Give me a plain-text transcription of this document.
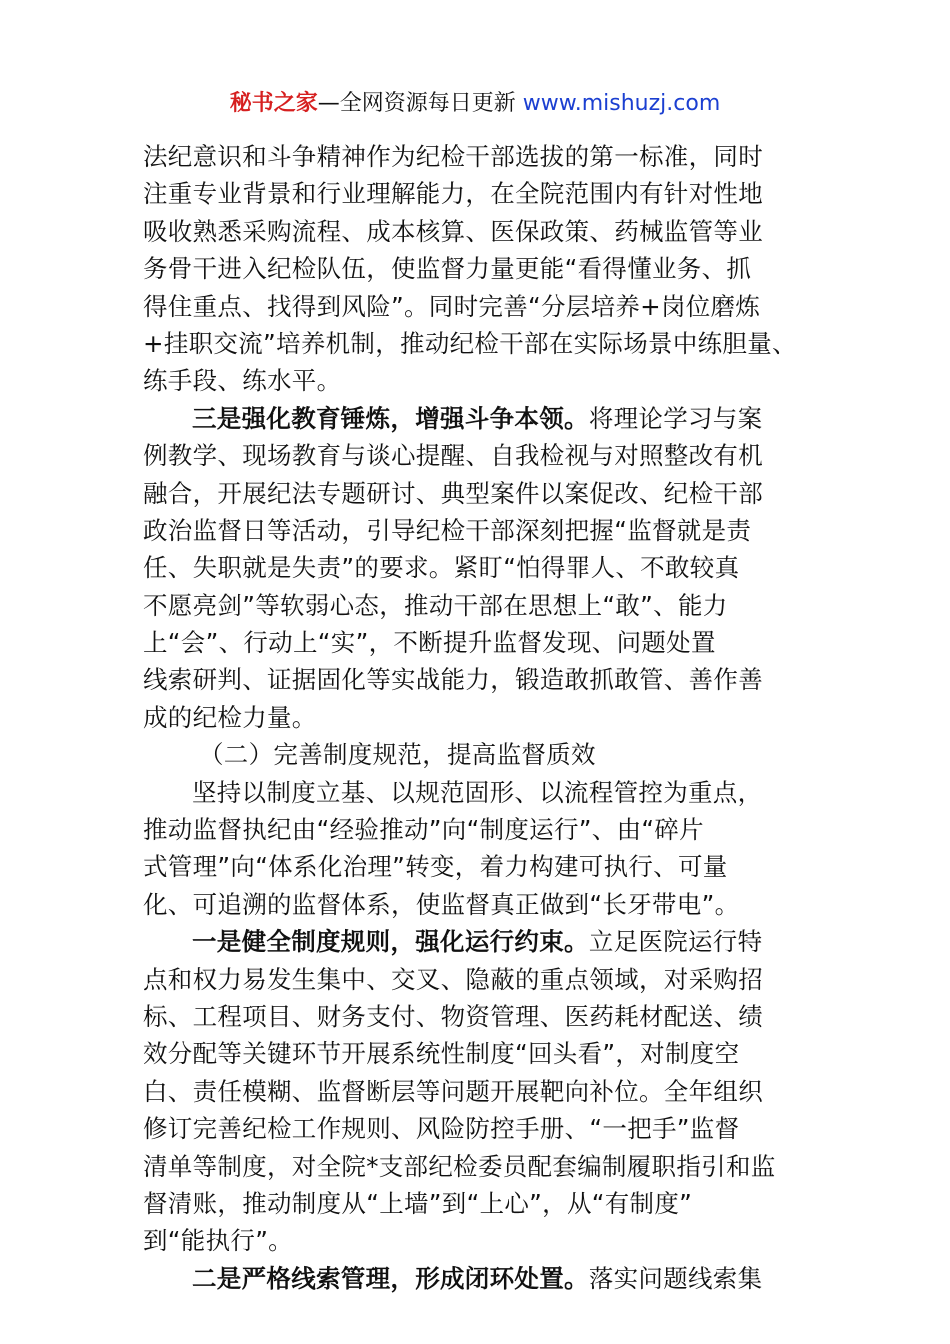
秘书之家—全网资源每日更新 www.mishuzj.com
法纪意识和斗争精神作为纪检干部选拔的第一标准，同时
注重专业背景和行业理解能力，在全院范围内有针对性地
吸收熟悉采购流程、成本核算、医保政策、药械监管等业
务骨干进入纪检队伍，使监督力量更能“看得懂业务、抓
得住重点、找得到风险”。同时完善“分层培养+岗位磨炼
+挂职交流”培养机制，推动纪检干部在实际场景中练胆量、
练手段、练水平。
三是强化教育锤炼，增强斗争本领。将理论学习与案
例教学、现场教育与谈心提醒、自我检视与对照整改有机
融合，开展纪法专题研讨、典型案件以案促改、纪检干部
政治监督日等活动，引导纪检干部深刻把握“监督就是责
任、失职就是失责”的要求。紧盯“怕得罪人、不敢较真
不愿亮剑”等软弱心态，推动干部在思想上“敢”、能力
上“会”、行动上“实”，不断提升监督发现、问题处置
线索研判、证据固化等实战能力，锻造敢抓敢管、善作善
成的纪检力量。
（二）完善制度规范，提高监督质效
坚持以制度立基、以规范固形、以流程管控为重点，
推动监督执纪由“经验推动”向“制度运行”、由“碎片
式管理”向“体系化治理”转变，着力构建可执行、可量
化、可追溯的监督体系，使监督真正做到“长牙带电”。
一是健全制度规则，强化运行约束。立足医院运行特
点和权力易发生集中、交叉、隐蔽的重点领域，对采购招
标、工程项目、财务支付、物资管理、医药耗材配送、绩
效分配等关键环节开展系统性制度“回头看”，对制度空
白、责任模糊、监督断层等问题开展靶向补位。全年组织
修订完善纪检工作规则、风险防控手册、“一把手”监督
清单等制度，对全院*支部纪检委员配套编制履职指引和监
督清账，推动制度从“上墙”到“上心”，从“有制度”
到“能执行”。
二是严格线索管理，形成闭环处置。落实问题线索集
